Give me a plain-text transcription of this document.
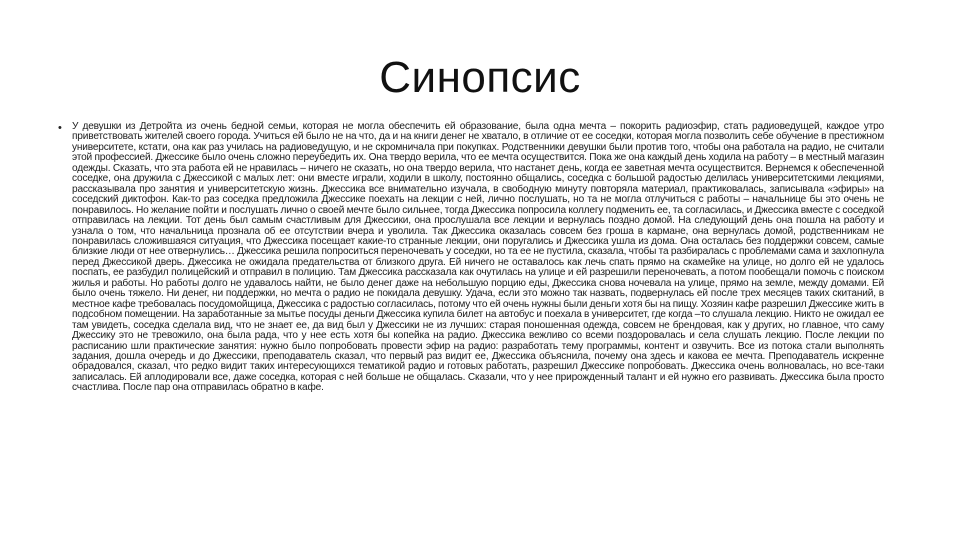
Синопсис
• У девушки из Детройта из очень бедной семьи, которая не могла обеспечить ей образование, была одна мечта – покорить радиоэфир, стать радиоведущей, каждое утро приветствовать жителей своего города. Учиться ей было не на что, да и на книги денег не хватало, в отличие от ее соседки, которая могла позволить себе обучение в престижном университете, кстати, она как раз училась на радиоведущую, и не скромничала при покупках. Родственники девушки были против того, чтобы она работала на радио, не считали этой профессией. Джессике было очень сложно переубедить их. Она твердо верила, что ее мечта осуществится. Пока же она каждый день ходила на работу – в местный магазин одежды. Сказать, что эта работа ей не нравилась – ничего не сказать, но она твердо верила, что настанет день, когда ее заветная мечта осуществится. Вернемся к обеспеченной соседке, она дружила с Джессикой с малых лет: они вместе играли, ходили в школу, постоянно общались, соседка с большой радостью делилась университетскими лекциями, рассказывала про занятия и университетскую жизнь. Джессика все внимательно изучала, в свободную минуту повторяла материал, практиковалась, записывала «эфиры» на соседский диктофон. Как-то раз соседка предложила Джессике поехать на лекции с ней, лично послушать, но та не могла отлучиться с работы – начальнице бы это очень не понравилось. Но желание пойти и послушать лично о своей мечте было сильнее, тогда Джессика попросила коллегу подменить ее, та согласилась, и Джессика вместе с соседкой отправилась на лекции. Тот день был самым счастливым для Джессики, она прослушала все лекции и вернулась поздно домой. На следующий день она пошла на работу и узнала о том, что начальница прознала об ее отсутствии вчера и уволила. Так Джессика оказалась совсем без гроша в кармане, она вернулась домой, родственникам не понравилась сложившаяся ситуация, что Джессика посещает какие-то странные лекции, они поругались и Джессика ушла из дома. Она осталась без поддержки совсем, самые близкие люди от нее отвернулись… Джессика решила попроситься переночевать у соседки, но та ее не пустила, сказала, чтобы та разбиралась с проблемами сама и захлопнула перед Джессикой дверь. Джессика не ожидала предательства от близкого друга. Ей ничего не оставалось как лечь спать прямо на скамейке на улице, но долго ей не удалось поспать, ее разбудил полицейский и отправил в полицию. Там Джессика рассказала как очутилась на улице и ей разрешили переночевать, а потом пообещали помочь с поиском жилья и работы. Но работы долго не удавалось найти, не было денег даже на небольшую порцию еды, Джессика снова ночевала на улице, прямо на земле, между домами. Ей было очень тяжело. Ни денег, ни поддержки, но мечта о радио не покидала девушку. Удача, если это можно так назвать, подвернулась ей после трех месяцев таких скитаний, в местное кафе требовалась посудомойщица, Джессика с радостью согласилась, потому что ей очень нужны были деньги хотя бы на пищу. Хозяин кафе разрешил Джессике жить в подсобном помещении. На заработанные за мытье посуды деньги Джессика купила билет на автобус и поехала в университет, где когда –то слушала лекцию. Никто не ожидал ее там увидеть, соседка сделала вид, что не знает ее, да вид был у Джессики не из лучших: старая поношенная одежда, совсем не брендовая, как у других, но главное, что саму Джессику это не тревожило, она была рада, что у нее есть хотя бы копейка на радио. Джессика вежливо со всеми поздоровалась и села слушать лекцию. После лекции по расписанию шли практические занятия: нужно было попробовать провести эфир на радио: разработать тему программы, контент и озвучить. Все из потока стали выполнять задания, дошла очередь и до Джессики, преподаватель сказал, что первый раз видит ее, Джессика объяснила, почему она здесь и какова ее мечта. Преподаватель искренне обрадовался, сказал, что редко видит таких интересующихся тематикой радио и готовых работать, разрешил Джессике попробовать. Джессика очень волновалась, но все-таки записалась. Ей аплодировали все, даже соседка, которая с ней больше не общалась. Сказали, что у нее прирожденный талант и ей нужно его развивать. Джессика была просто счастлива. После пар она отправилась обратно в кафе.
